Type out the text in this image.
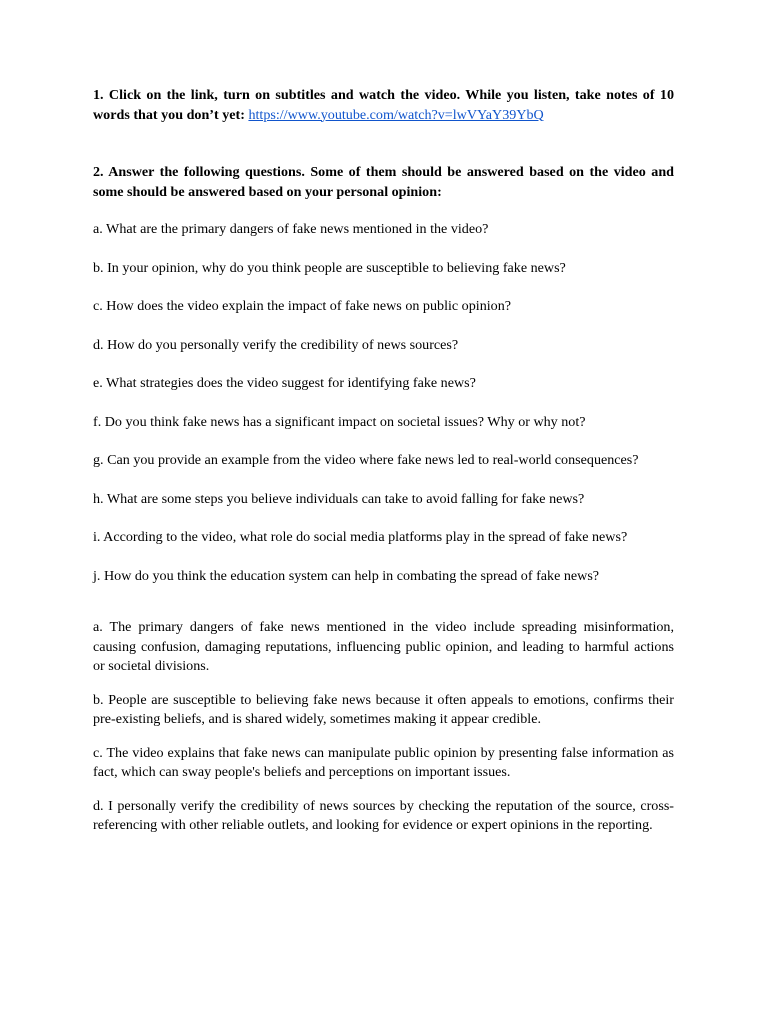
1. Click on the link, turn on subtitles and watch the video. While you listen, take notes of 10 words that you don’t yet: https://www.youtube.com/watch?v=lwVYaY39YbQ

2. Answer the following questions. Some of them should be answered based on the video and some should be answered based on your personal opinion:

a. What are the primary dangers of fake news mentioned in the video?

b. In your opinion, why do you think people are susceptible to believing fake news?

c. How does the video explain the impact of fake news on public opinion?

d. How do you personally verify the credibility of news sources?

e. What strategies does the video suggest for identifying fake news?

f. Do you think fake news has a significant impact on societal issues? Why or why not?

g. Can you provide an example from the video where fake news led to real-world consequences?

h. What are some steps you believe individuals can take to avoid falling for fake news?

i. According to the video, what role do social media platforms play in the spread of fake news?

j. How do you think the education system can help in combating the spread of fake news?

a. The primary dangers of fake news mentioned in the video include spreading misinformation, causing confusion, damaging reputations, influencing public opinion, and leading to harmful actions or societal divisions.

b. People are susceptible to believing fake news because it often appeals to emotions, confirms their pre-existing beliefs, and is shared widely, sometimes making it appear credible.

c. The video explains that fake news can manipulate public opinion by presenting false information as fact, which can sway people's beliefs and perceptions on important issues.

d. I personally verify the credibility of news sources by checking the reputation of the source, cross-referencing with other reliable outlets, and looking for evidence or expert opinions in the reporting.
